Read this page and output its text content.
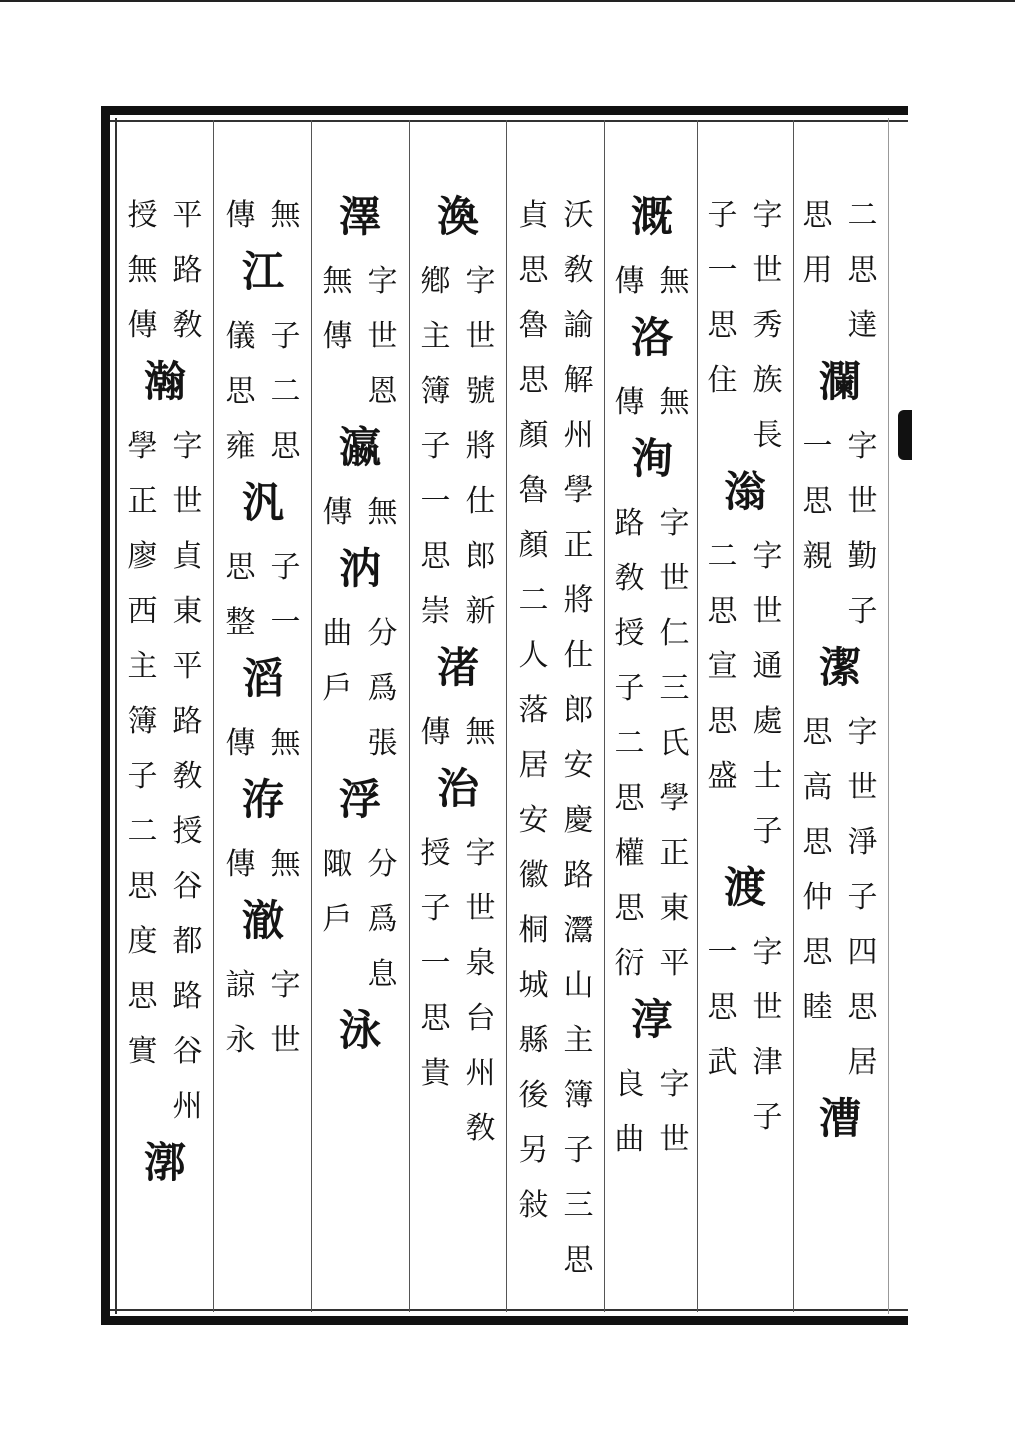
二
思
思
用
達
瀾
字
世
勤
子
一
思
親
潔
字
世
淨
子
四
思
居
思
高
思
仲
思
睦
漕
字
世
秀
族
長
子
一
思
住
滃
字
世
通
處
士
子
二
思
宣
思
盛
渡
字
世
津
子
一
思
武
溉
無
傳
洛
無
傳
洵
字
世
仁
三
氏
學
正
東
平
路
敎
授
子
二
思
權
思
衍
淳
字
世
良
曲
沃
敎
諭
解
州
學
正
將
仕
郎
安
慶
路
灊
山
主
簿
子
三
思
貞
思
魯
思
顏
魯
顏
二
人
落
居
安
徽
桐
城
縣
後
另
敍
渙
字
世
號
將
仕
郎
新
鄕
主
簿
子
一
思
崇
渚
無
傳
治
字
世
泉
台
州
敎
授
子
一
思
貴
澤
字
世
恩
無
傳
瀛
無
傳
汭
分
爲
張
曲
戶
浮
分
爲
息
陬
戶
泳
無
傳
江
子
二
思
儀
思
雍
汎
子
一
思
整
滔
無
傳
洊
無
傳
澈
字
世
諒
永
平
路
敎
授
無
傳
瀚
字
世
貞
東
平
路
敎
授
谷
都
路
谷
州
學
正
廖
西
主
簿
子
二
思
度
思
實
漷
